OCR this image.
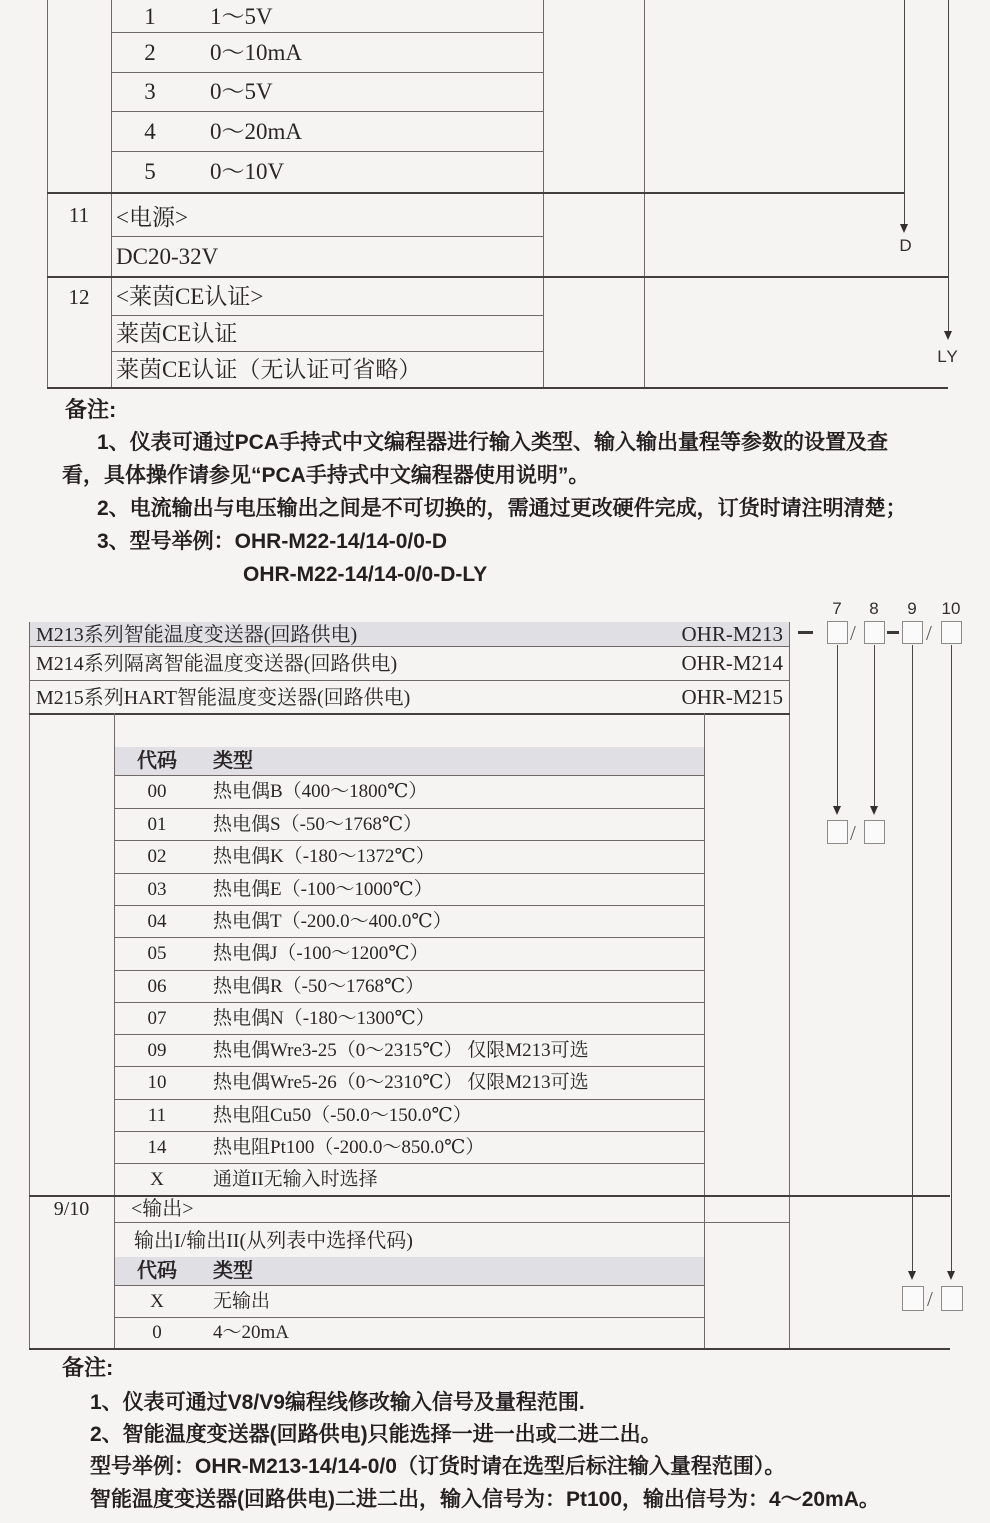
1	1～5V
2	0～10mA
3	0～5V
4	0～20mA
5	0～10V
11	<电源>
DC20-32V
12	<莱茵CE认证>
莱茵CE认证
莱茵CE认证（无认证可省略）
D
LY
备注:
1、仪表可通过PCA手持式中文编程器进行输入类型、输入输出量程等参数的设置及查
看，具体操作请参见“PCA手持式中文编程器使用说明”。
2、电流输出与电压输出之间是不可切换的，需通过更改硬件完成，订货时请注明清楚；
3、型号举例：OHR-M22-14/14-0/0-D
OHR-M22-14/14-0/0-D-LY
7	8	9	10
M213系列智能温度变送器(回路供电)	OHR-M213
M214系列隔离智能温度变送器(回路供电)	OHR-M214
M215系列HART智能温度变送器(回路供电)	OHR-M215
/	/
/
/
代码	类型
00	热电偶B（400～1800℃）
01	热电偶S（-50～1768℃）
02	热电偶K（-180～1372℃）
03	热电偶E（-100～1000℃）
04	热电偶T（-200.0～400.0℃）
05	热电偶J（-100～1200℃）
06	热电偶R（-50～1768℃）
07	热电偶N（-180～1300℃）
09	热电偶Wre3-25（0～2315℃） 仅限M213可选
10	热电偶Wre5-26（0～2310℃） 仅限M213可选
11	热电阻Cu50（-50.0～150.0℃）
14	热电阻Pt100（-200.0～850.0℃）
X	通道II无输入时选择
9/10	<输出>
输出I/输出II(从列表中选择代码)
代码	类型
X	无输出
0	4～20mA
备注:
1、仪表可通过V8/V9编程线修改输入信号及量程范围.
2、智能温度变送器(回路供电)只能选择一进一出或二进二出。
型号举例：OHR-M213-14/14-0/0（订货时请在选型后标注输入量程范围）。
智能温度变送器(回路供电)二进二出，输入信号为：Pt100，输出信号为：4～20mA。
